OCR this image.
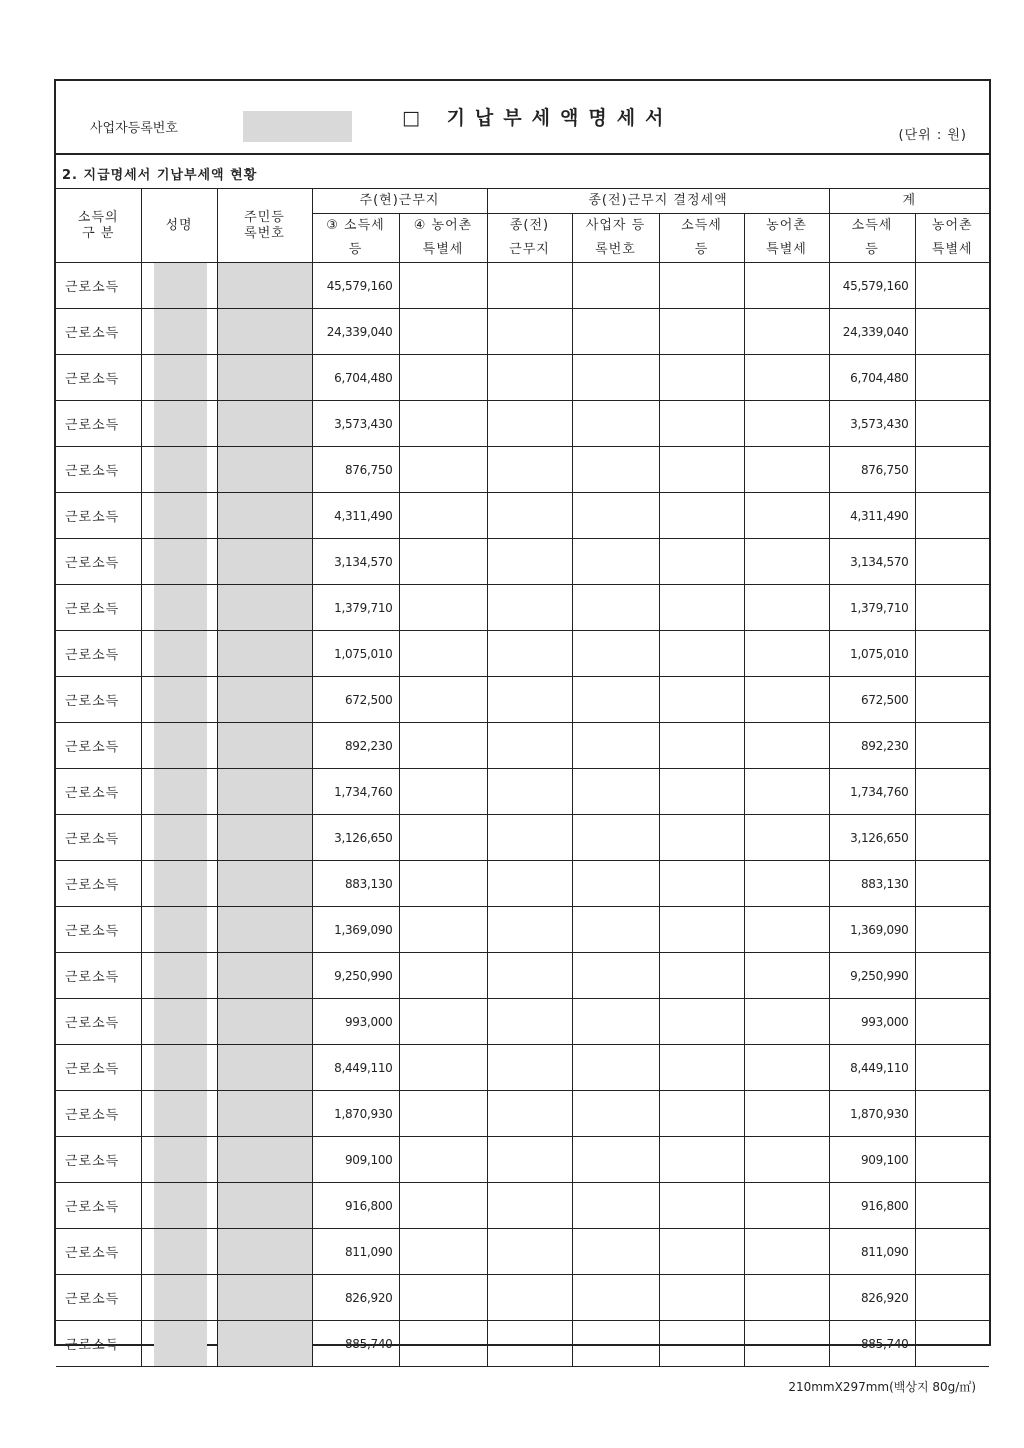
사업자등록번호	□ 기납부세액명세서
(단위 : 원)
2. 지급명세서 기납부세액 현황
소득의 구 분	성명	주민등 록번호	주(현)근무지		종(전)근무지 결정세액				계	

			③ 소득세 등	④ 농어촌 특별세	종(전) 근무지	사업자 등록번호	소득세 등	농어촌 특별세	소득세 등	농어촌 특별세

근로소득			45,579,160						45,579,160	
근로소득			24,339,040						24,339,040	
근로소득			6,704,480						6,704,480	
근로소득			3,573,430						3,573,430	
근로소득			876,750						876,750	
근로소득			4,311,490						4,311,490	
근로소득			3,134,570						3,134,570	
근로소득			1,379,710						1,379,710	
근로소득			1,075,010						1,075,010	
근로소득			672,500						672,500	
근로소득			892,230						892,230	
근로소득			1,734,760						1,734,760	
근로소득			3,126,650						3,126,650	
근로소득			883,130						883,130	
근로소득			1,369,090						1,369,090	
근로소득			9,250,990						9,250,990	
근로소득			993,000						993,000	
근로소득			8,449,110						8,449,110	
근로소득			1,870,930						1,870,930	
근로소득			909,100						909,100	
근로소득			916,800						916,800	
근로소득			811,090						811,090	
근로소득			826,920						826,920	
근로소득			885,740						885,740	
210mmX297mm(백상지 80g/㎡)
